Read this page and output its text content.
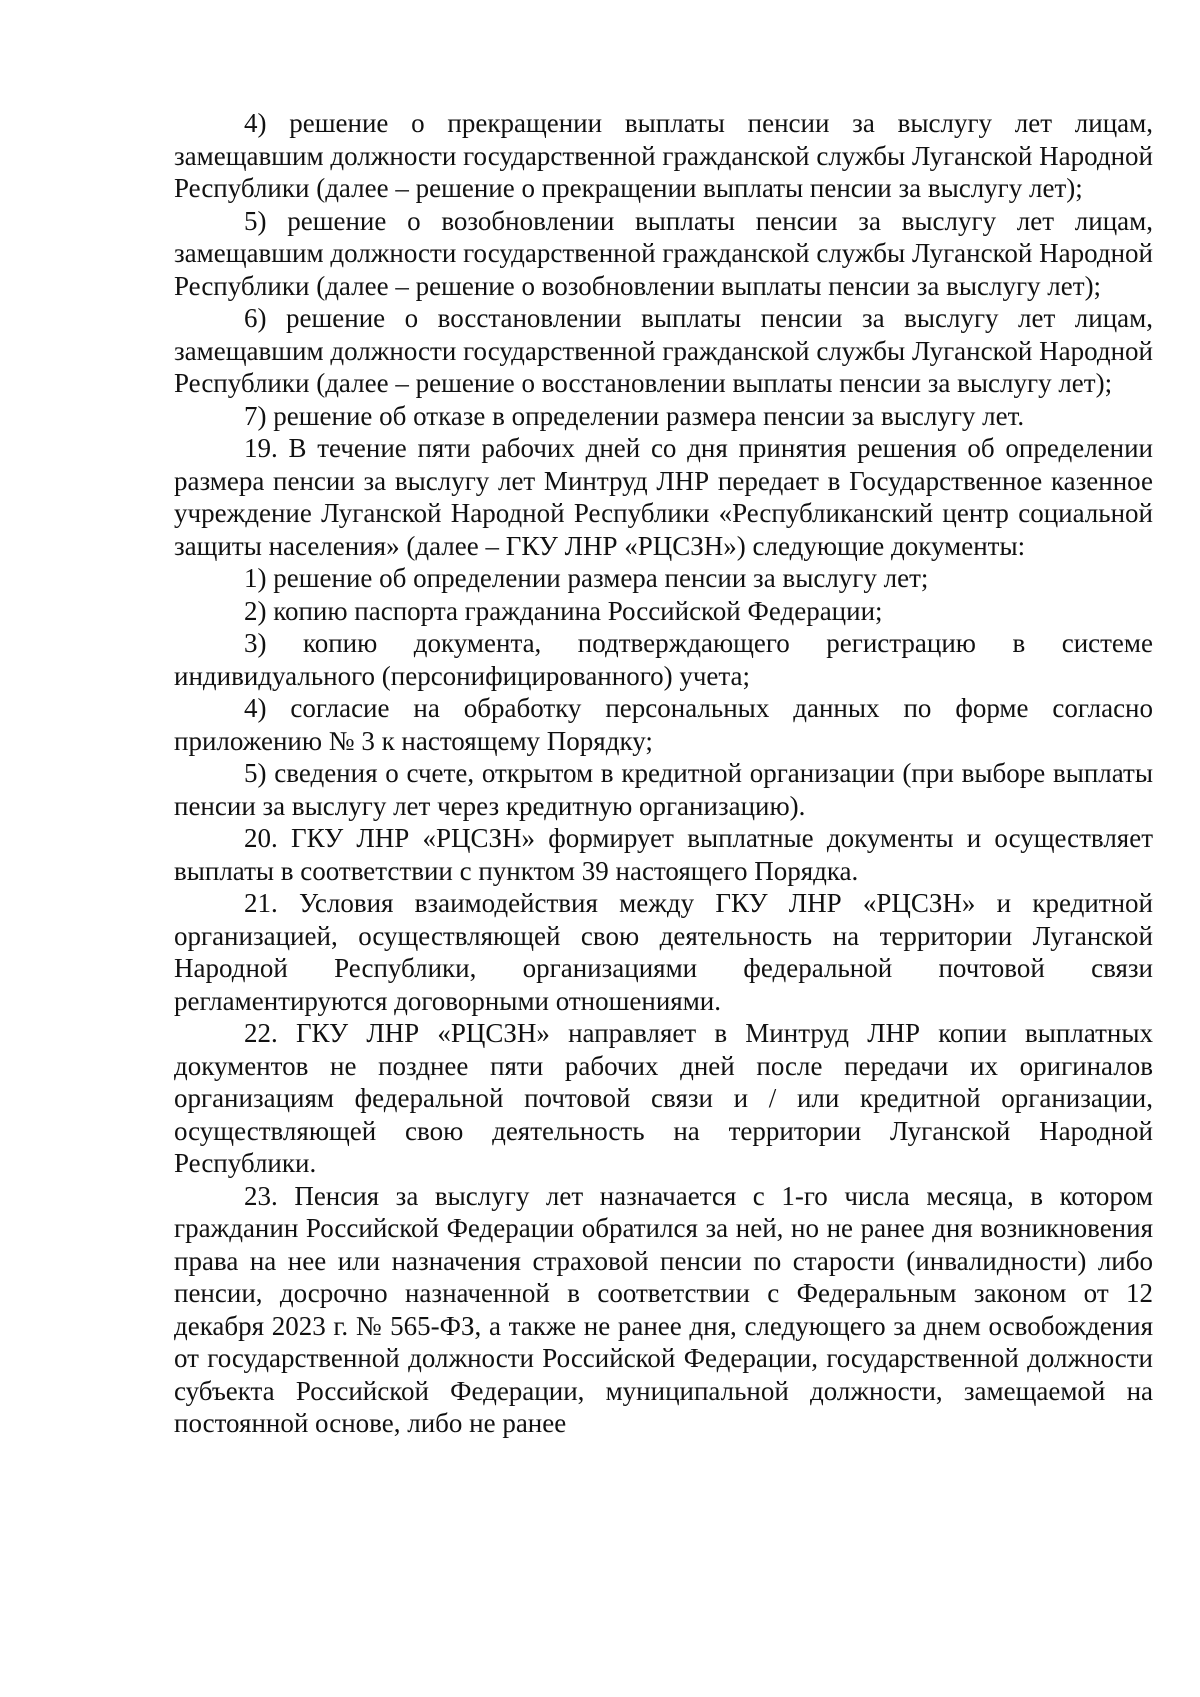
4) решение о прекращении выплаты пенсии за выслугу лет лицам, замещавшим должности государственной гражданской службы Луганской Народной Республики (далее – решение о прекращении выплаты пенсии за выслугу лет);

5) решение о возобновлении выплаты пенсии за выслугу лет лицам, замещавшим должности государственной гражданской службы Луганской Народной Республики (далее – решение о возобновлении выплаты пенсии за выслугу лет);

6) решение о восстановлении выплаты пенсии за выслугу лет лицам, замещавшим должности государственной гражданской службы Луганской Народной Республики (далее – решение о восстановлении выплаты пенсии за выслугу лет);

7) решение об отказе в определении размера пенсии за выслугу лет.

19. В течение пяти рабочих дней со дня принятия решения об определении размера пенсии за выслугу лет Минтруд ЛНР передает в Государственное казенное учреждение Луганской Народной Республики «Республиканский центр социальной защиты населения» (далее – ГКУ ЛНР «РЦСЗН») следующие документы:

1) решение об определении размера пенсии за выслугу лет;

2) копию паспорта гражданина Российской Федерации;

3) копию документа, подтверждающего регистрацию в системе индивидуального (персонифицированного) учета;

4) согласие на обработку персональных данных по форме согласно приложению № 3 к настоящему Порядку;

5) сведения о счете, открытом в кредитной организации (при выборе выплаты пенсии за выслугу лет через кредитную организацию).

20. ГКУ ЛНР «РЦСЗН» формирует выплатные документы и осуществляет выплаты в соответствии с пунктом 39 настоящего Порядка.

21. Условия взаимодействия между ГКУ ЛНР «РЦСЗН» и кредитной организацией, осуществляющей свою деятельность на территории Луганской Народной Республики, организациями федеральной почтовой связи регламентируются договорными отношениями.

22. ГКУ ЛНР «РЦСЗН» направляет в Минтруд ЛНР копии выплатных документов не позднее пяти рабочих дней после передачи их оригиналов организациям федеральной почтовой связи и / или кредитной организации, осуществляющей свою деятельность на территории Луганской Народной Республики.

23. Пенсия за выслугу лет назначается с 1-го числа месяца, в котором гражданин Российской Федерации обратился за ней, но не ранее дня возникновения права на нее или назначения страховой пенсии по старости (инвалидности) либо пенсии, досрочно назначенной в соответствии с Федеральным законом от 12 декабря 2023 г. № 565-ФЗ, а также не ранее дня, следующего за днем освобождения от государственной должности Российской Федерации, государственной должности субъекта Российской Федерации, муниципальной должности, замещаемой на постоянной основе, либо не ранее
